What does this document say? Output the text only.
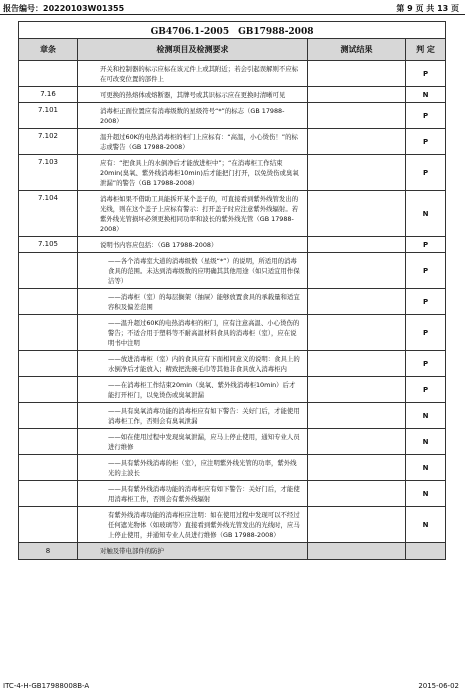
报告编号：20220103W01355	第 9 页 共 13 页
GB4706.1-2005　GB17988-2008			
章条	检测项目及检测要求	测试结果	判 定
	开关和控制器的标示应标在该元件上或其附近；若会引起误解则不应标在可改变位置的部件上		P
7.16	可更换的热熔体或熔断器，其牌号或其识标示应在更换时清晰可见		N
7.101	消毒柜正面位置应有消毒级数的星级符号“*”的标志（GB 17988-2008）		P
7.102	温升超过60K的电热消毒柜的柜门上应标有：“高温，小心烫伤！”的标志或警告（GB 17988-2008）		P
7.103	应有：“把食具上的水倒净后才能放进柜中”；“在消毒柜工作结束20min(臭氧、紫外线消毒柜10min)后才能把门打开，以免烫伤或臭氧泄漏”的警告（GB 17988-2008）		P
7.104	消毒柜如果不借助工具能拆开某个盖子的，可直接看到紫外线管发出的光线，则在这个盖子上应标有警示：打开盖子时应注意紫外线辐射。若紫外线光管损坏必须更换相同功率和波长的紫外线光管（GB 17988-2008）		N
7.105	说明书内容应包括：（GB 17988-2008）		P
	——各个消毒室大道的消毒级数（星级“*”）的说明，所适用的消毒食具的范围。未达到消毒级数的应明确其其他用途（如只适宜用作保洁等）		P
	——消毒柜（室）的每层搁架（抽屉）能够放置食具的承载量和适宜容积及偏差范围		P
	——温升超过60K的电热消毒柜的柜门，应有注意高温、小心烫伤的警告；不适合用于塑料等不耐高温材料食具的消毒柜（室），应在说明书中注明		P
	——放进消毒柜（室）内的食具应有下面相同意义的说明：食具上的水倒净后才能放入；精致把洗碗毛巾等其他非食具放入消毒柜内		P
	——在消毒柜工作结束20min（臭氧、紫外线消毒柜10min）后才能打开柜门，以免烫伤或臭氧泄漏		P
	——具有臭氧消毒功能的消毒柜应有如下警告：关好门后，才能使用消毒柜工作，否则会有臭氧泄漏		N
	——如在使用过程中发现臭氧泄漏，应马上停止使用，通知专业人员进行维修		N
	——具有紫外线消毒的柜（室），应注明紫外线光管的功率，紫外线光的主波长		N
	——具有紫外线消毒功能的消毒柜应有如下警告：关好门后，才能使用消毒柜工作，否则会有紫外线辐射		N
	有紫外线消毒功能的消毒柜应注明：如在使用过程中发现可以不经过任何遮光物体（如玻璃等）直接看到紫外线光管发出的光线时，应马上停止使用，并通知专业人员进行维修（GB 17988-2008）		N
8	对触及带电部件的防护		
ITC-4-H-GB17988008B-A	2015-06-02
